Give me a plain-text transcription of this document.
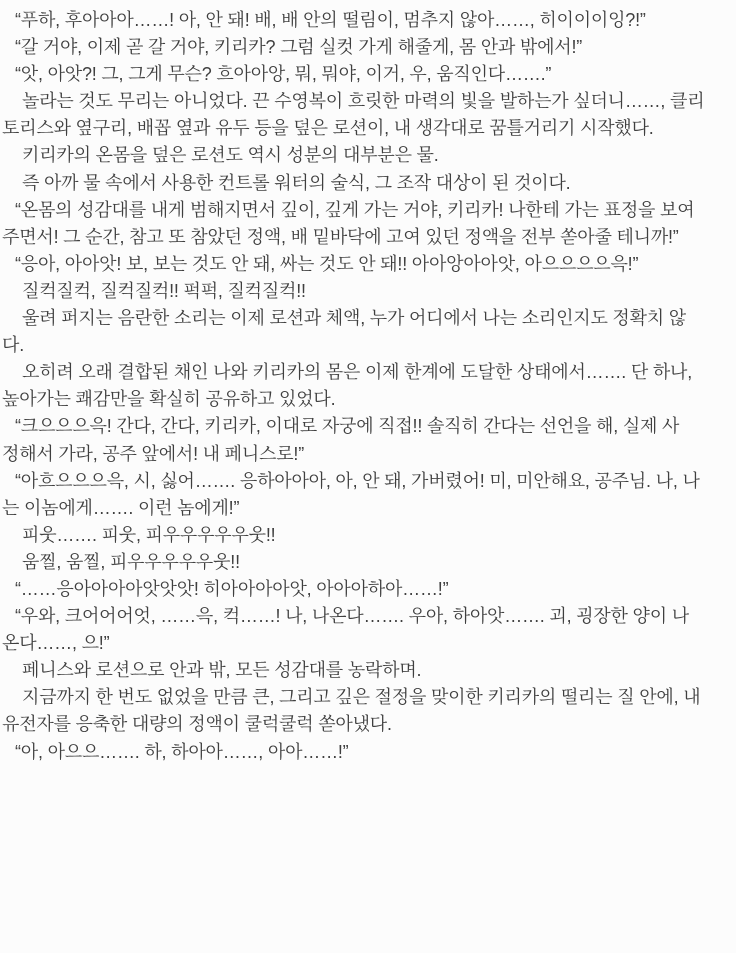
“푸하, 후아아아……! 아, 안 돼! 배, 배 안의 떨림이, 멈추지 않아……, 히이이이잉?!”
“갈 거야, 이제 곧 갈 거야, 키리카? 그럼 실컷 가게 해줄게, 몸 안과 밖에서!”
“앗, 아앗?! 그, 그게 무슨? 흐아아앙, 뭐, 뭐야, 이거, 우, 움직인다…….”
놀라는 것도 무리는 아니었다. 끈 수영복이 흐릿한 마력의 빛을 발하는가 싶더니……, 클리
토리스와 옆구리, 배꼽 옆과 유두 등을 덮은 로션이, 내 생각대로 꿈틀거리기 시작했다.
키리카의 온몸을 덮은 로션도 역시 성분의 대부분은 물.
즉 아까 물 속에서 사용한 컨트롤 워터의 술식, 그 조작 대상이 된 것이다.
“온몸의 성감대를 내게 범해지면서 깊이, 깊게 가는 거야, 키리카! 나한테 가는 표정을 보여
주면서! 그 순간, 참고 또 참았던 정액, 배 밑바닥에 고여 있던 정액을 전부 쏟아줄 테니까!”
“응아, 아아앗! 보, 보는 것도 안 돼, 싸는 것도 안 돼!! 아아앙아아앗, 아으으으으윽!”
질컥질컥, 질컥질컥!! 퍽퍽, 질컥질컥!!
울려 퍼지는 음란한 소리는 이제 로션과 체액, 누가 어디에서 나는 소리인지도 정확치 않
다.
오히려 오래 결합된 채인 나와 키리카의 몸은 이제 한계에 도달한 상태에서……. 단 하나,
높아가는 쾌감만을 확실히 공유하고 있었다.
“크으으으윽! 간다, 간다, 키리카, 이대로 자궁에 직접!! 솔직히 간다는 선언을 해, 실제 사
정해서 가라, 공주 앞에서! 내 페니스로!”
“아흐으으으윽, 시, 싫어……. 응하아아아, 아, 안 돼, 가버렸어! 미, 미안해요, 공주님. 나, 나
는 이놈에게……. 이런 놈에게!”
피웃……. 피웃, 피우우우우우웃!!
움찔, 움찔, 피우우우우우웃!!
“……응아아아아앗앗앗! 히아아아아앗, 아아아하아……!”
“우와, 크어어어엇, ……윽, 컥……! 나, 나온다……. 우아, 하아앗……. 괴, 굉장한 양이 나
온다……, 으!”
페니스와 로션으로 안과 밖, 모든 성감대를 농락하며.
지금까지 한 번도 없었을 만큼 큰, 그리고 깊은 절정을 맞이한 키리카의 떨리는 질 안에, 내
유전자를 응축한 대량의 정액이 쿨럭쿨럭 쏟아냈다.
“아, 아으으……. 하, 하아아……, 아아……!”
